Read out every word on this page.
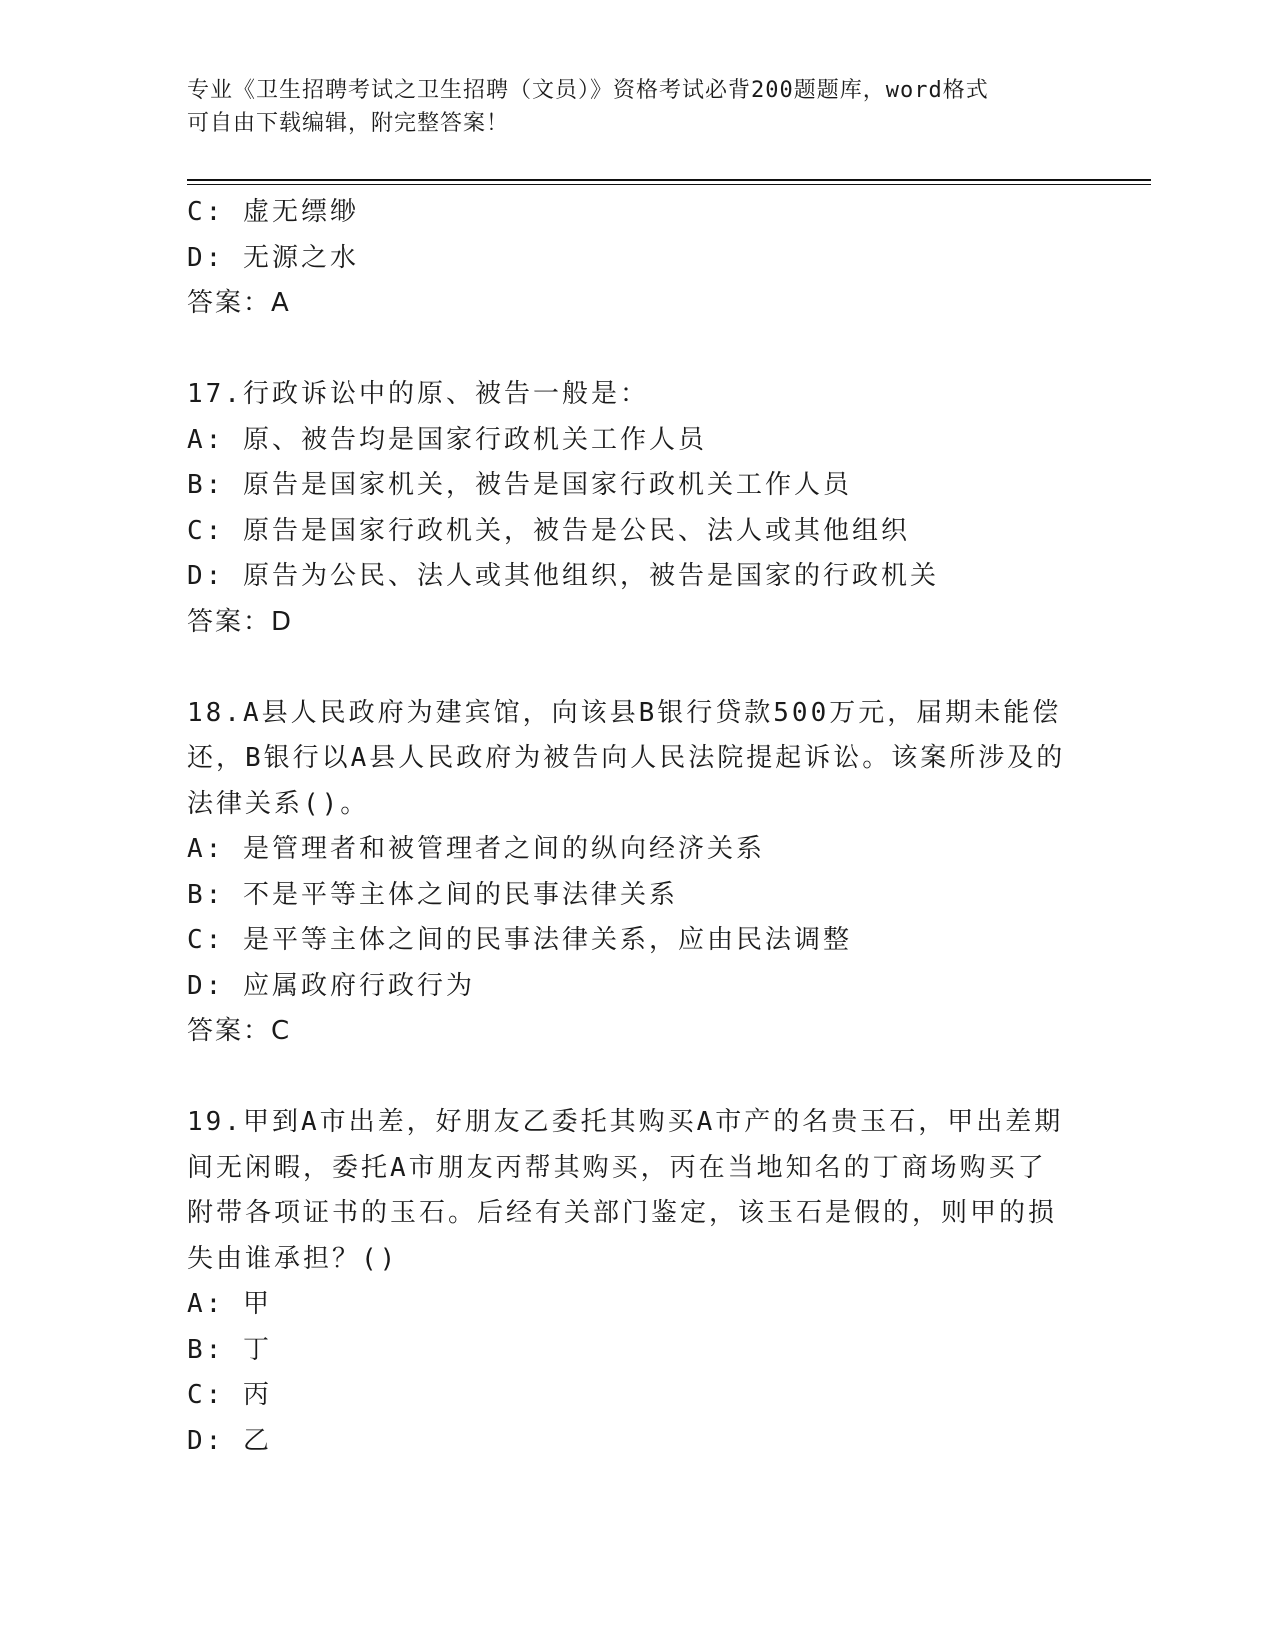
专业《卫生招聘考试之卫生招聘（文员）》资格考试必背200题题库，word格式
可自由下载编辑，附完整答案！
C: 虚无缥缈
D: 无源之水
答案：A
17.行政诉讼中的原、被告一般是：
A: 原、被告均是国家行政机关工作人员
B: 原告是国家机关，被告是国家行政机关工作人员
C: 原告是国家行政机关，被告是公民、法人或其他组织
D: 原告为公民、法人或其他组织，被告是国家的行政机关
答案：D
18.A县人民政府为建宾馆，向该县B银行贷款500万元，届期未能偿
还，B银行以A县人民政府为被告向人民法院提起诉讼。该案所涉及的
法律关系()。
A: 是管理者和被管理者之间的纵向经济关系
B: 不是平等主体之间的民事法律关系
C: 是平等主体之间的民事法律关系，应由民法调整
D: 应属政府行政行为
答案：C
19.甲到A市出差，好朋友乙委托其购买A市产的名贵玉石，甲出差期
间无闲暇，委托A市朋友丙帮其购买，丙在当地知名的丁商场购买了
附带各项证书的玉石。后经有关部门鉴定，该玉石是假的，则甲的损
失由谁承担？()
A: 甲
B: 丁
C: 丙
D: 乙
